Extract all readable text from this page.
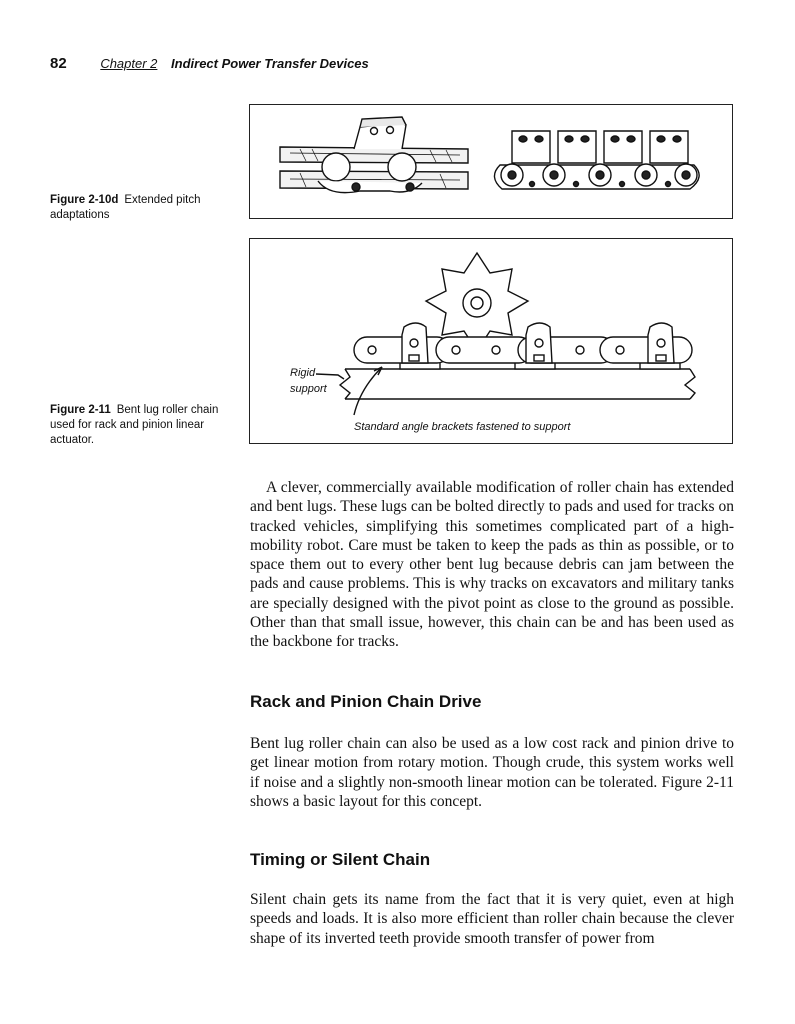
82	Chapter 2 Indirect Power Transfer Devices
Figure 2-10d Extended pitch adaptations
Rigid
support
Standard angle brackets fastened to support
Figure 2-11 Bent lug roller chain used for rack and pinion linear actuator.

A clever, commercially available modification of roller chain has extended and bent lugs. These lugs can be bolted directly to pads and used for tracks on tracked vehicles, simplifying this sometimes complicated part of a high-mobility robot. Care must be taken to keep the pads as thin as possible, or to space them out to every other bent lug because debris can jam between the pads and cause problems. This is why tracks on excavators and military tanks are specially designed with the pivot point as close to the ground as possible. Other than that small issue, however, this chain can be and has been used as the backbone for tracks.

Rack and Pinion Chain Drive

Bent lug roller chain can also be used as a low cost rack and pinion drive to get linear motion from rotary motion. Though crude, this system works well if noise and a slightly non-smooth linear motion can be tolerated. Figure 2-11 shows a basic layout for this concept.

Timing or Silent Chain

Silent chain gets its name from the fact that it is very quiet, even at high speeds and loads. It is also more efficient than roller chain because the clever shape of its inverted teeth provide smooth transfer of power from
